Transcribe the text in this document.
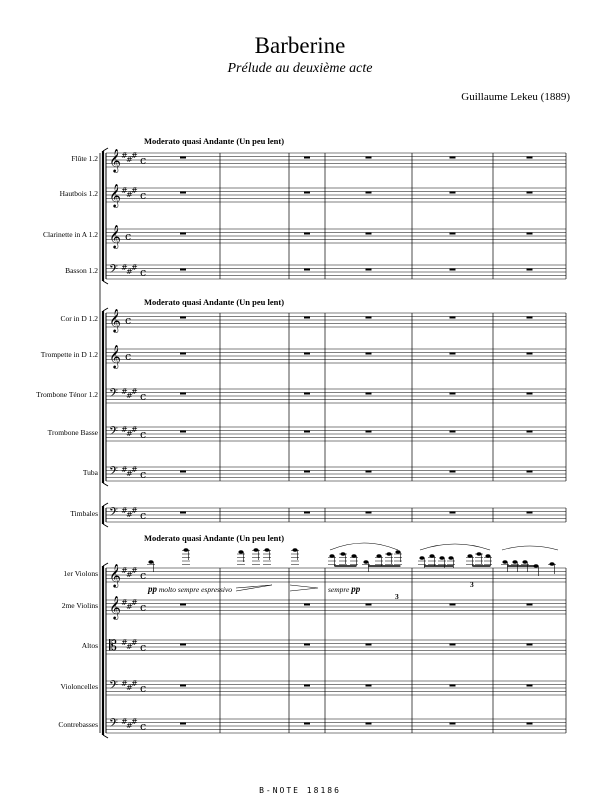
Barberine
Prélude au deuxième acte
Guillaume Lekeu (1889)
Moderato quasi Andante (Un peu lent)
Moderato quasi Andante (Un peu lent)
Moderato quasi Andante (Un peu lent)
Flûte 1.2
Hautbois 1.2
Clarinette in A 1.2
Basson 1.2
Cor in D 1.2
Trompette in D 1.2
Trombone Ténor 1.2
Trombone Basse
Tuba
Timbales
1er Violons
2me Violins
Altos
Violoncelles
Contrebasses
pp molto sempre espressivo	sempre pp
3
3
𝄞 #
#
# c
𝄞 #
#
# c
𝄞 c
𝄢 #
#
# c
𝄞 c
𝄞 c
𝄢 #
#
# c
𝄢 #
#
# c
𝄢 #
#
# c
𝄢 #
#
# c
𝄞 #
#
# c
𝄞 #
#
# c
𝄡 #
#
# c
𝄢 #
#
# c
𝄢 #
#
# c
B-NOTE 18186
